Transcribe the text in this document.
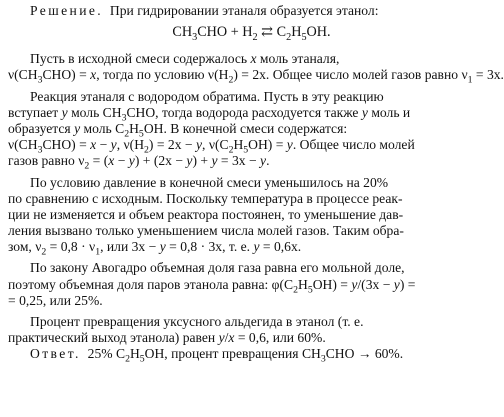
Решение. При гидрировании этаналя образуется этанол:
$CH_3CHO + H_2$ ⇄ $C_2H_5OH$.
Пусть в исходной смеси содержалось x моль этаналя,
$\nu(CH_3CHO) = x$, тогда по условию $\nu(H_2) = 2x$. Общее число молей газов равно $\nu_1 = 3x$.
Реакция этаналя с водородом обратима. Пусть в эту реакцию
вступает y моль $CH_3CHO$, тогда водорода расходуется также y моль и
образуется y моль $C_2H_5OH$. В конечной смеси содержатся:
$\nu(CH_3CHO) = x - y$, $\nu(H_2) = 2x - y$, $\nu(C_2H_5OH) = y$. Общее число молей
газов равно $\nu_2 = (x - y) + (2x - y) + y = 3x - y$.
По условию давление в конечной смеси уменьшилось на 20%
по сравнению с исходным. Поскольку температура в процессе реак-
ции не изменяется и объем реактора постоянен, то уменьшение дав-
ления вызвано только уменьшением числа молей газов. Таким обра-
зом, $\nu_2 = 0,8 \cdot \nu_1$, или 3x − y = 0,8 · 3x, т. е. y = 0,6x.
По закону Авогадро объемная доля газа равна его мольной доле,
поэтому объемная доля паров этанола равна: $\varphi(C_2H_5OH) = y/(3x - y)$ =
= 0,25, или 25%.
Процент превращения уксусного альдегида в этанол (т. е.
практический выход этанола) равен y/x = 0,6, или 60%.
Ответ. 25% $C_2H_5OH$, процент превращения $CH_3CHO \to 60\%$.
